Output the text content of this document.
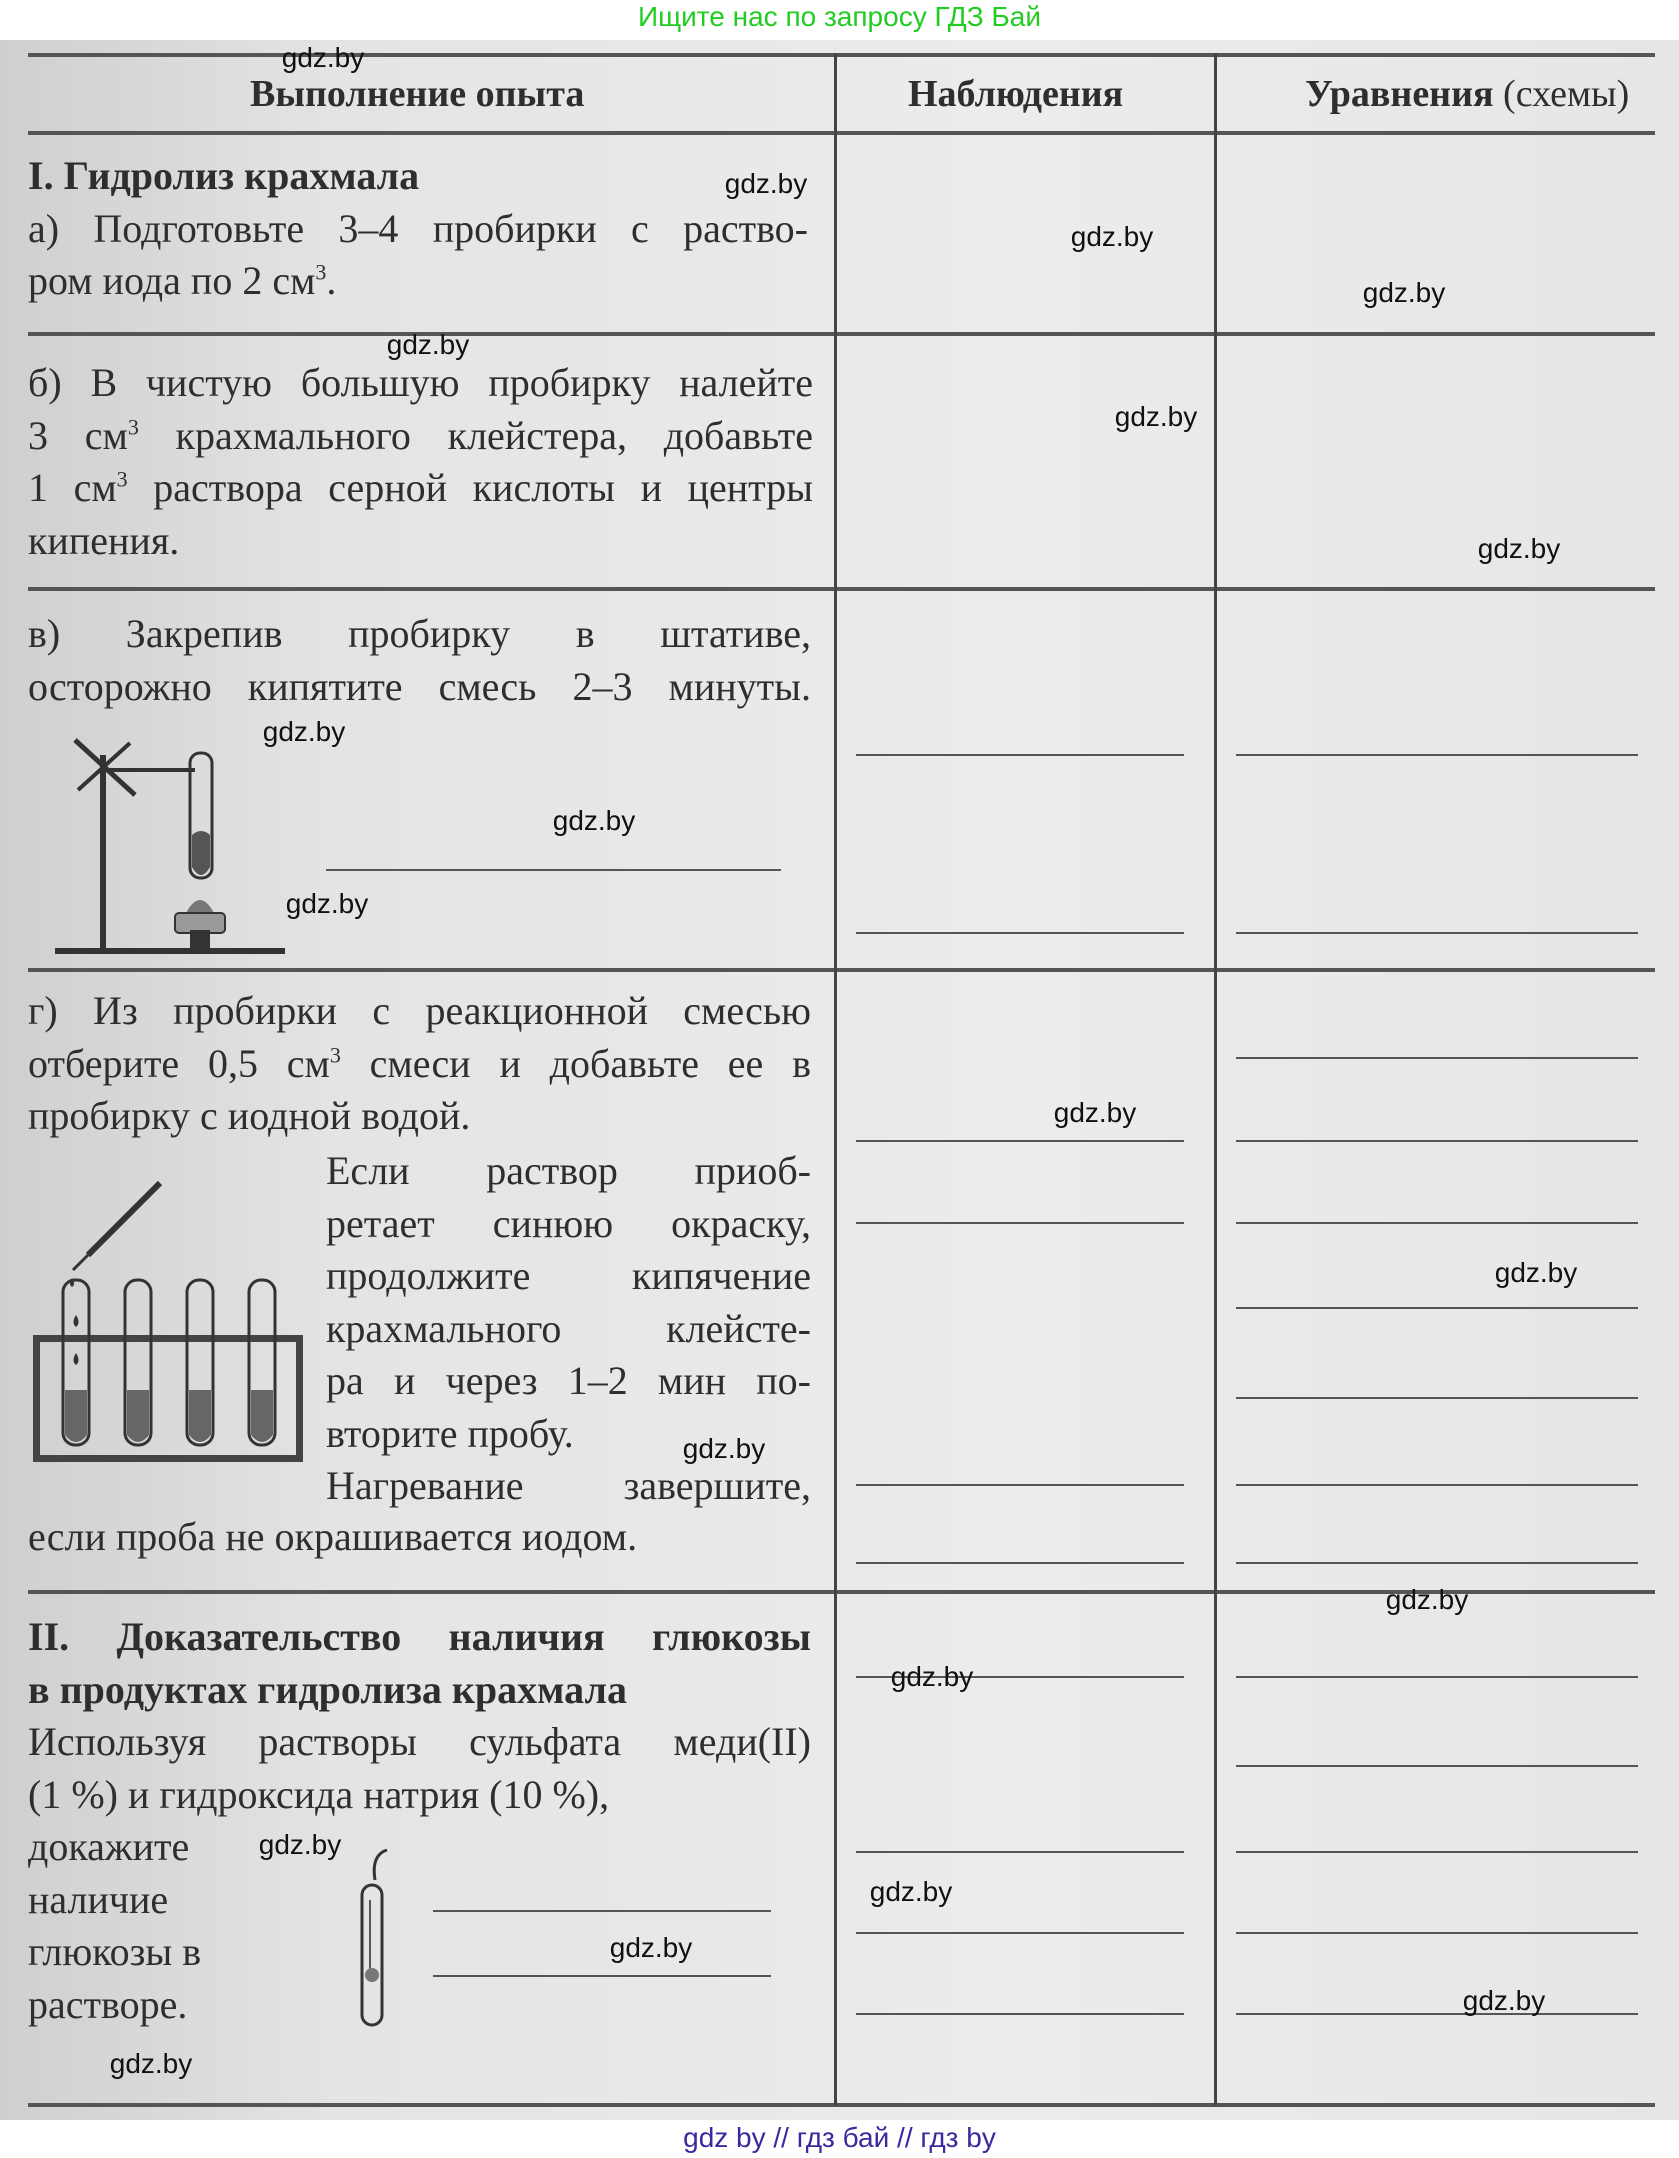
Ищите нас по запросу ГДЗ Бай
Выполнение опыта	Наблюдения	Уравнения (схемы)

I. Гидролиз крахмала

а) Подготовьте 3–4 пробирки с раство-

ром иода по 2 $см^3$.

б) В чистую большую пробирку налейте

3 $см^3$ крахмального клейстера, добавьте

1 $см^3$ раствора серной кислоты и центры

кипения.

в) Закрепив пробирку в штативе,

осторожно кипятите смесь 2–3 минуты.

г) Из пробирки с реакционной смесью

отберите 0,5 $см^3$ смеси и добавьте ее в

пробирку с иодной водой.

Если раствор приоб-

ретает синюю окраску,

продолжите кипячение

крахмального клейсте-

ра и через 1–2 мин по-

вторите пробу.

Нагревание завершите,

если проба не окрашивается иодом.

II. Доказательство наличия глюкозы

в продуктах гидролиза крахмала

Используя растворы сульфата меди(II)

(1 %) и гидроксида натрия (10 %),

докажите

наличие

глюкозы в

растворе.

gdz.by
gdz.by
gdz.by
gdz.by
gdz.by
gdz.by
gdz.by
gdz.by
gdz.by
gdz.by
gdz.by
gdz.by
gdz.by
gdz.by
gdz.by
gdz.by
gdz.by
gdz.by
gdz.by
gdz.by
gdz by // гдз бай // гдз by
